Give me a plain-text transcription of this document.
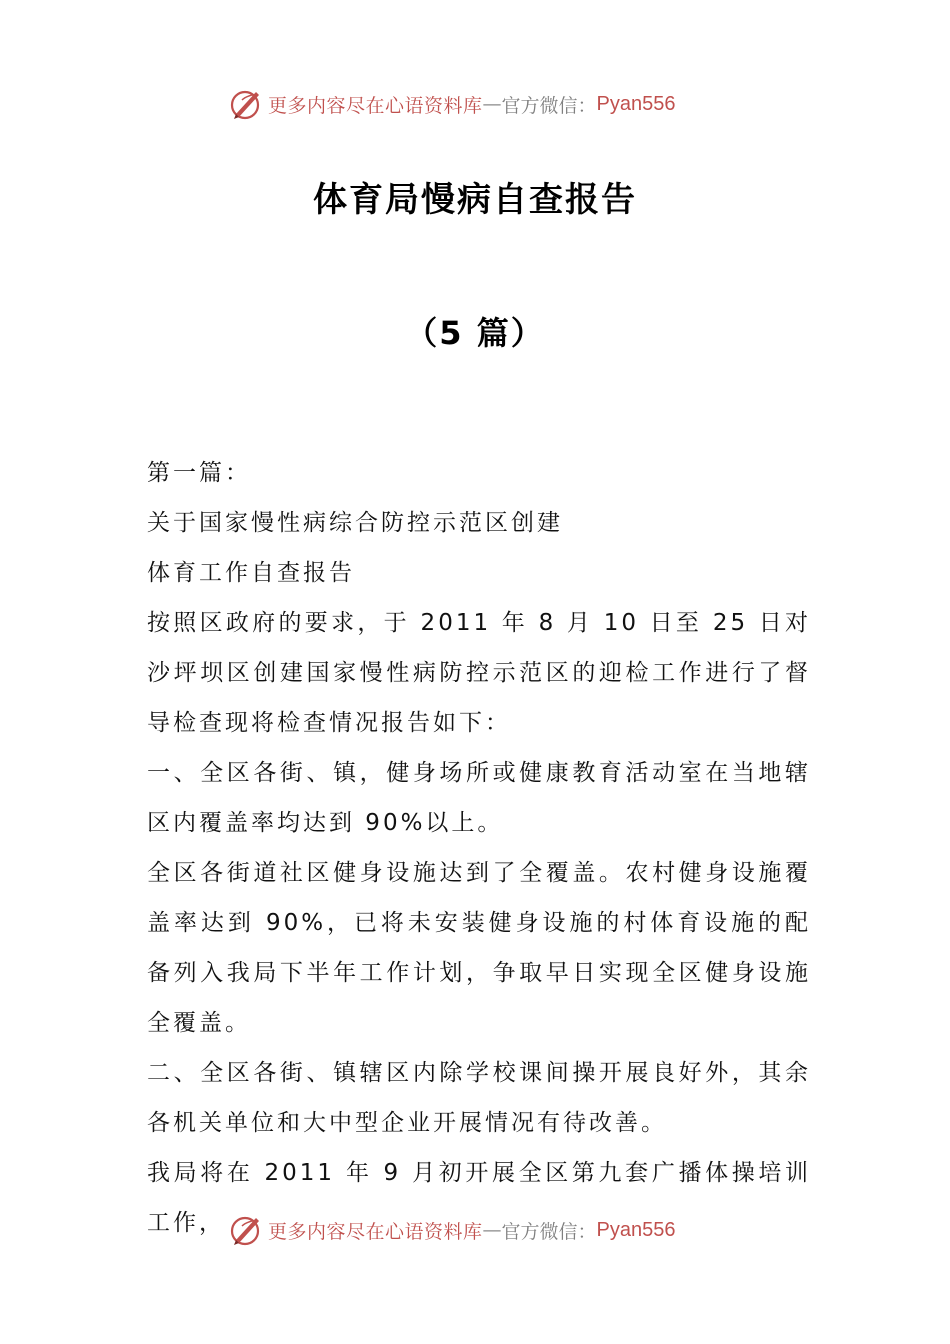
更多内容尽在心语资料库 — 官方微信： Pyan556
体育局慢病自查报告
（5 篇）

第一篇：

关于国家慢性病综合防控示范区创建

体育工作自查报告

按照区政府的要求，于 2011 年 8 月 10 日至 25 日对沙坪坝区创建国家慢性病防控示范区的迎检工作进行了督导检查现将检查情况报告如下：

一、全区各街、镇，健身场所或健康教育活动室在当地辖区内覆盖率均达到 90%以上。

全区各街道社区健身设施达到了全覆盖。农村健身设施覆盖率达到 90%，已将未安装健身设施的村体育设施的配备列入我局下半年工作计划，争取早日实现全区健身设施全覆盖。

二、全区各街、镇辖区内除学校课间操开展良好外，其余各机关单位和大中型企业开展情况有待改善。

我局将在 2011 年 9 月初开展全区第九套广播体操培训工作，	更多内容尽在心语资料库 — 官方微信： Pyan556
